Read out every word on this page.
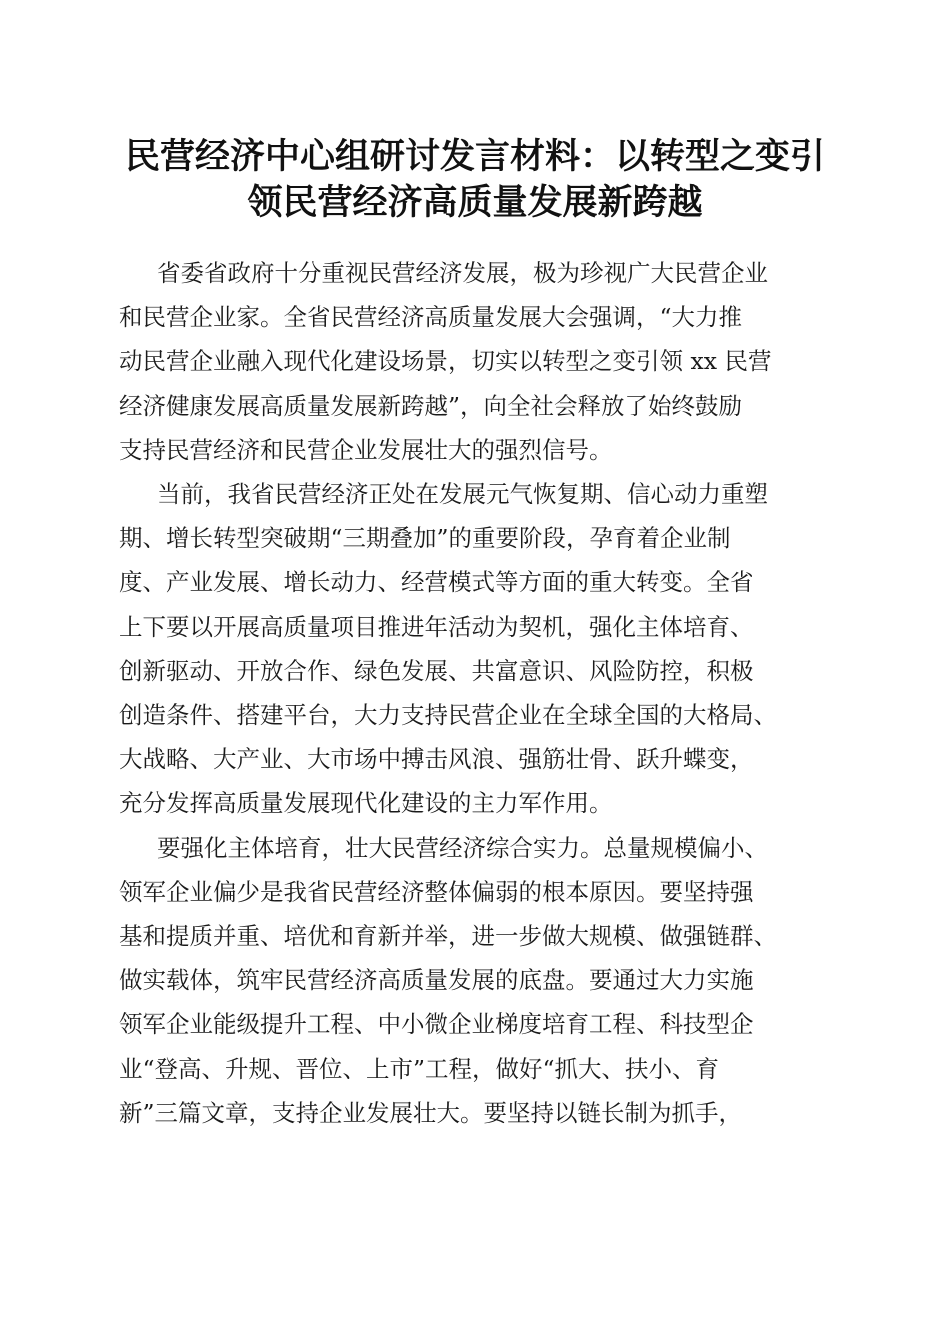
民营经济中心组研讨发言材料：以转型之变引
领民营经济高质量发展新跨越

省委省政府十分重视民营经济发展，极为珍视广大民营企业
和民营企业家。全省民营经济高质量发展大会强调，“大力推
动民营企业融入现代化建设场景，切实以转型之变引领 xx 民营
经济健康发展高质量发展新跨越”，向全社会释放了始终鼓励
支持民营经济和民营企业发展壮大的强烈信号。

当前，我省民营经济正处在发展元气恢复期、信心动力重塑
期、增长转型突破期“三期叠加”的重要阶段，孕育着企业制
度、产业发展、增长动力、经营模式等方面的重大转变。全省
上下要以开展高质量项目推进年活动为契机，强化主体培育、
创新驱动、开放合作、绿色发展、共富意识、风险防控，积极
创造条件、搭建平台，大力支持民营企业在全球全国的大格局、
大战略、大产业、大市场中搏击风浪、强筋壮骨、跃升蝶变，
充分发挥高质量发展现代化建设的主力军作用。

要强化主体培育，壮大民营经济综合实力。总量规模偏小、
领军企业偏少是我省民营经济整体偏弱的根本原因。要坚持强
基和提质并重、培优和育新并举，进一步做大规模、做强链群、
做实载体，筑牢民营经济高质量发展的底盘。要通过大力实施
领军企业能级提升工程、中小微企业梯度培育工程、科技型企
业“登高、升规、晋位、上市”工程，做好“抓大、扶小、育
新”三篇文章，支持企业发展壮大。要坚持以链长制为抓手，
